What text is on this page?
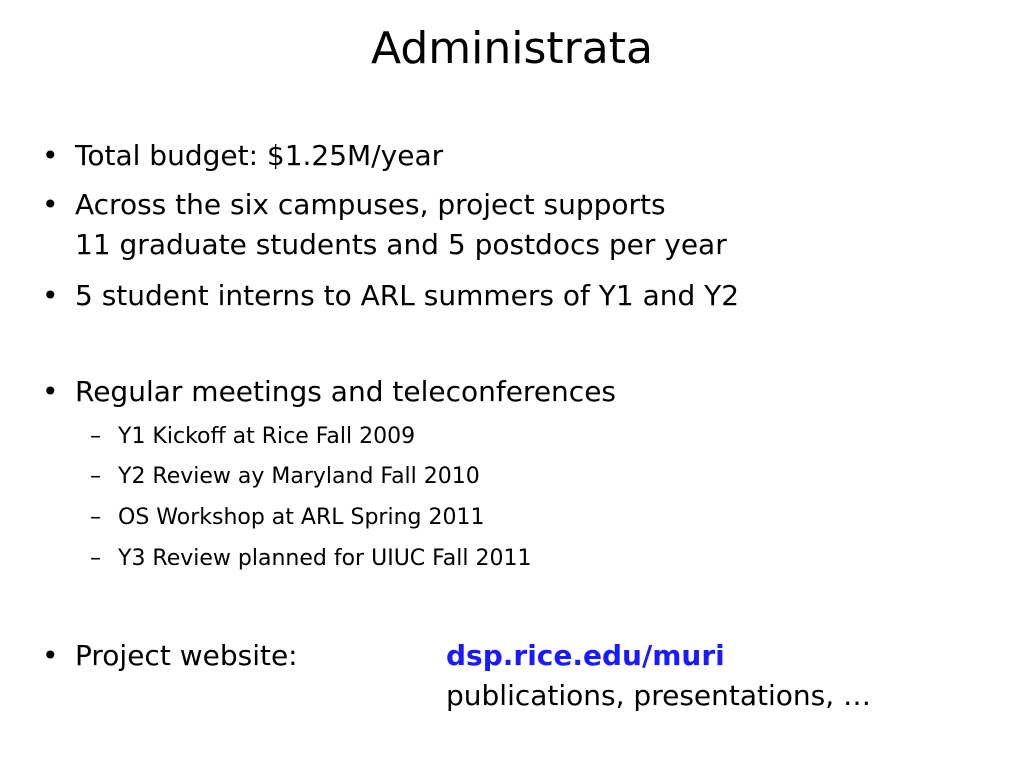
Administrata
• Total budget: $1.25M/year
• Across the six campuses, project supports
11 graduate students and 5 postdocs per year
• 5 student interns to ARL summers of Y1 and Y2
• Regular meetings and teleconferences
– Y1 Kickoff at Rice Fall 2009
– Y2 Review ay Maryland Fall 2010
– OS Workshop at ARL Spring 2011
– Y3 Review planned for UIUC Fall 2011
• Project website:	dsp.rice.edu/muri
publications, presentations, …
